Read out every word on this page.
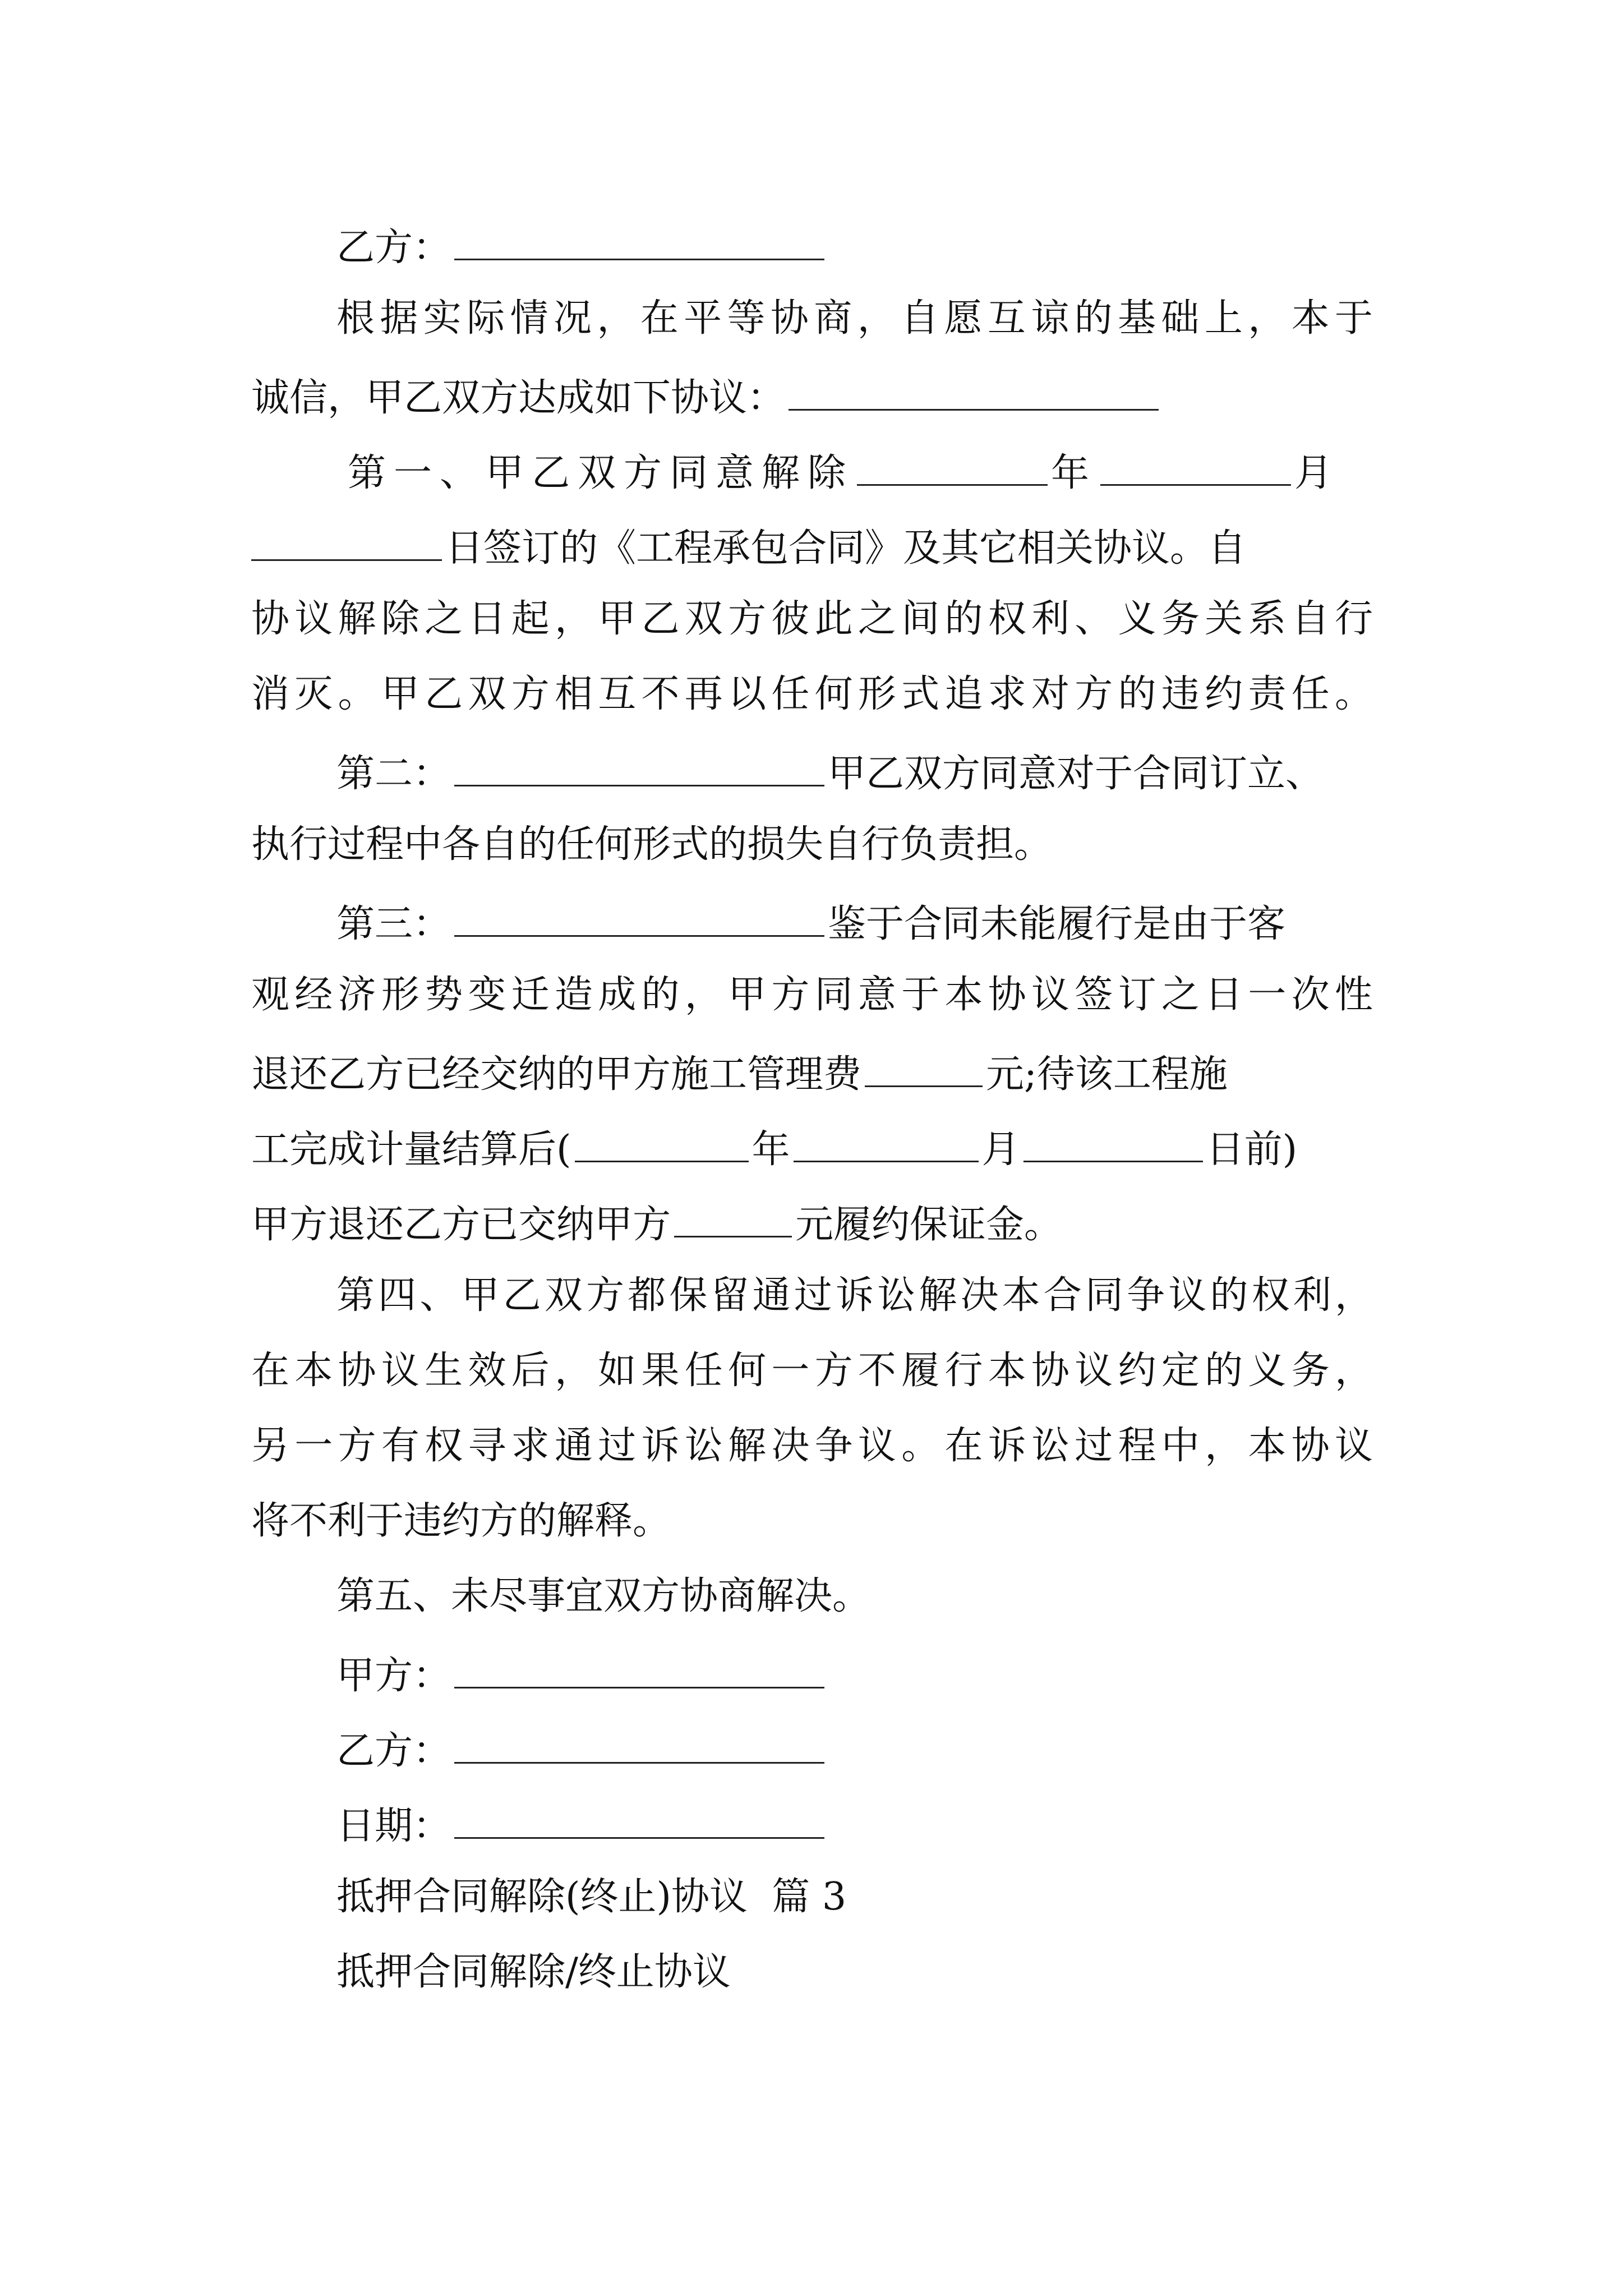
乙方：
根据实际情况，在平等协商，自愿互谅的基础上，本于
诚信，甲乙双方达成如下协议：
第一、甲乙双方同意解除	年	月
日签订的《工程承包合同》及其它相关协议。自
协议解除之日起，甲乙双方彼此之间的权利、义务关系自行
消灭。甲乙双方相互不再以任何形式追求对方的违约责任。
第二：	甲乙双方同意对于合同订立、
执行过程中各自的任何形式的损失自行负责担。
第三：	鉴于合同未能履行是由于客
观经济形势变迁造成的，甲方同意于本协议签订之日一次性
退还乙方已经交纳的甲方施工管理费	元;待该工程施
工完成计量结算后(	年	月	日前)
甲方退还乙方已交纳甲方	元履约保证金。
第四、甲乙双方都保留通过诉讼解决本合同争议的权利，
在本协议生效后，如果任何一方不履行本协议约定的义务，
另一方有权寻求通过诉讼解决争议。在诉讼过程中，本协议
将不利于违约方的解释。
第五、未尽事宜双方协商解决。
甲方：
乙方：
日期：
抵押合同解除(终止)协议  篇 3
抵押合同解除/终止协议
